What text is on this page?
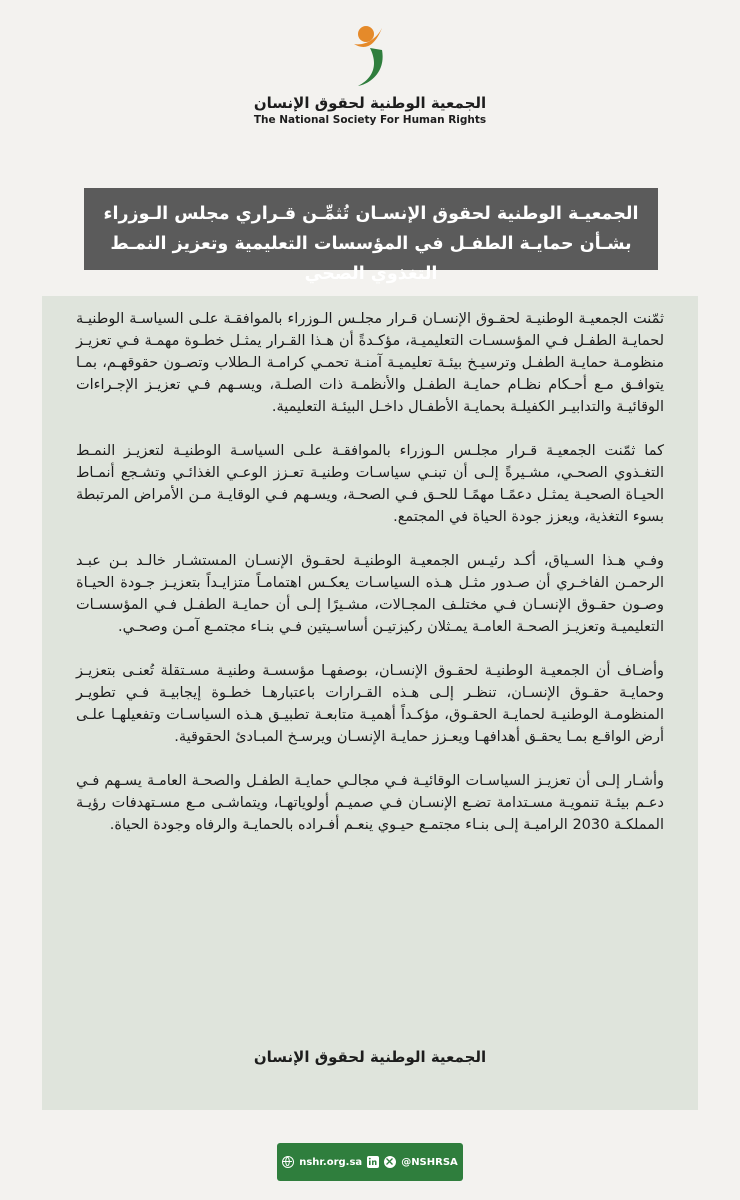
الجمعية الوطنية لحقوق الإنسان
The National Society For Human Rights
الجمعيـة الوطنية لحقوق الإنسـان تُثمِّـن قـراري مجلس الـوزراء بشـأن حمايـة الطفـل في المؤسسات التعليمية وتعزيز النمـط التغذوي الصحي

ثمّنت الجمعيـة الوطنيـة لحقـوق الإنسـان قـرار مجلـس الـوزراء بالموافقـة علـى السياسـة الوطنيـة لحمايـة الطفـل فـي المؤسسـات التعليميـة، مؤكـدةً أن هـذا القـرار يمثـل خطـوة مهمـة فـي تعزيـز منظومـة حمايـة الطفـل وترسيـخ بيئـة تعليميـة آمنـة تحمـي كرامـة الـطلاب وتصـون حقوقهـم، بمـا يتوافـق مـع أحـكام نظـام حمايـة الطفـل والأنظمـة ذات الصلـة، ويسـهم فـي تعزيـز الإجـراءات الوقائيـة والتدابيـر الكفيلـة بحمايـة الأطفـال داخـل البيئـة التعليمية.

كما ثمّنت الجمعيـة قـرار مجلـس الـوزراء بالموافقـة علـى السياسـة الوطنيـة لتعزيـز النمـط التغـذوي الصحـي، مشـيرةً إلـى أن تبنـي سياسـات وطنيـة تعـزز الوعـي الغذائـي وتشـجع أنمـاط الحيـاة الصحيـة يمثـل دعمًـا مهمًـا للحـق فـي الصحـة، ويسـهم فـي الوقايـة مـن الأمراض المرتبطة بسوء التغذية، ويعزز جودة الحياة في المجتمع.

وفـي هـذا السـياق، أكـد رئيـس الجمعيـة الوطنيـة لحقـوق الإنسـان المستشـار خالـد بـن عبـد الرحمـن الفاخـري أن صـدور مثـل هـذه السياسـات يعكـس اهتمامـاً متزايـداً بتعزيـز جـودة الحيـاة وصـون حقـوق الإنسـان فـي مختلـف المجـالات، مشـيرًا إلـى أن حمايـة الطفـل فـي المؤسسـات التعليميـة وتعزيـز الصحـة العامـة يمـثلان ركيزتيـن أساسـيتين فـي بنـاء مجتمـع آمـن وصحـي.

وأضـاف أن الجمعيـة الوطنيـة لحقـوق الإنسـان، بوصفهـا مؤسسـة وطنيـة مسـتقلة تُعنـى بتعزيـز وحمايـة حقـوق الإنسـان، تنظـر إلـى هـذه القـرارات باعتبارهـا خطـوة إيجابيـة فـي تطويـر المنظومـة الوطنيـة لحمايـة الحقـوق، مؤكـداً أهميـة متابعـة تطبيـق هـذه السياسـات وتفعيلهـا علـى أرض الواقـع بمـا يحقـق أهدافهـا ويعـزز حمايـة الإنسـان ويرسـخ المبـادئ الحقوقية.

وأشـار إلـى أن تعزيـز السياسـات الوقائيـة فـي مجالـي حمايـة الطفـل والصحـة العامـة يسـهم فـي دعـم بيئـة تنمويـة مسـتدامة تضـع الإنسـان فـي صميـم أولوياتهـا، ويتماشـى مـع مسـتهدفات رؤيـة المملكـة 2030 الراميـة إلـى بنـاء مجتمـع حيـوي ينعـم أفـراده بالحمايـة والرفاه وجودة الحياة.

الجمعية الوطنية لحقوق الإنسان
nshr.org.sa	@NSHRSA
